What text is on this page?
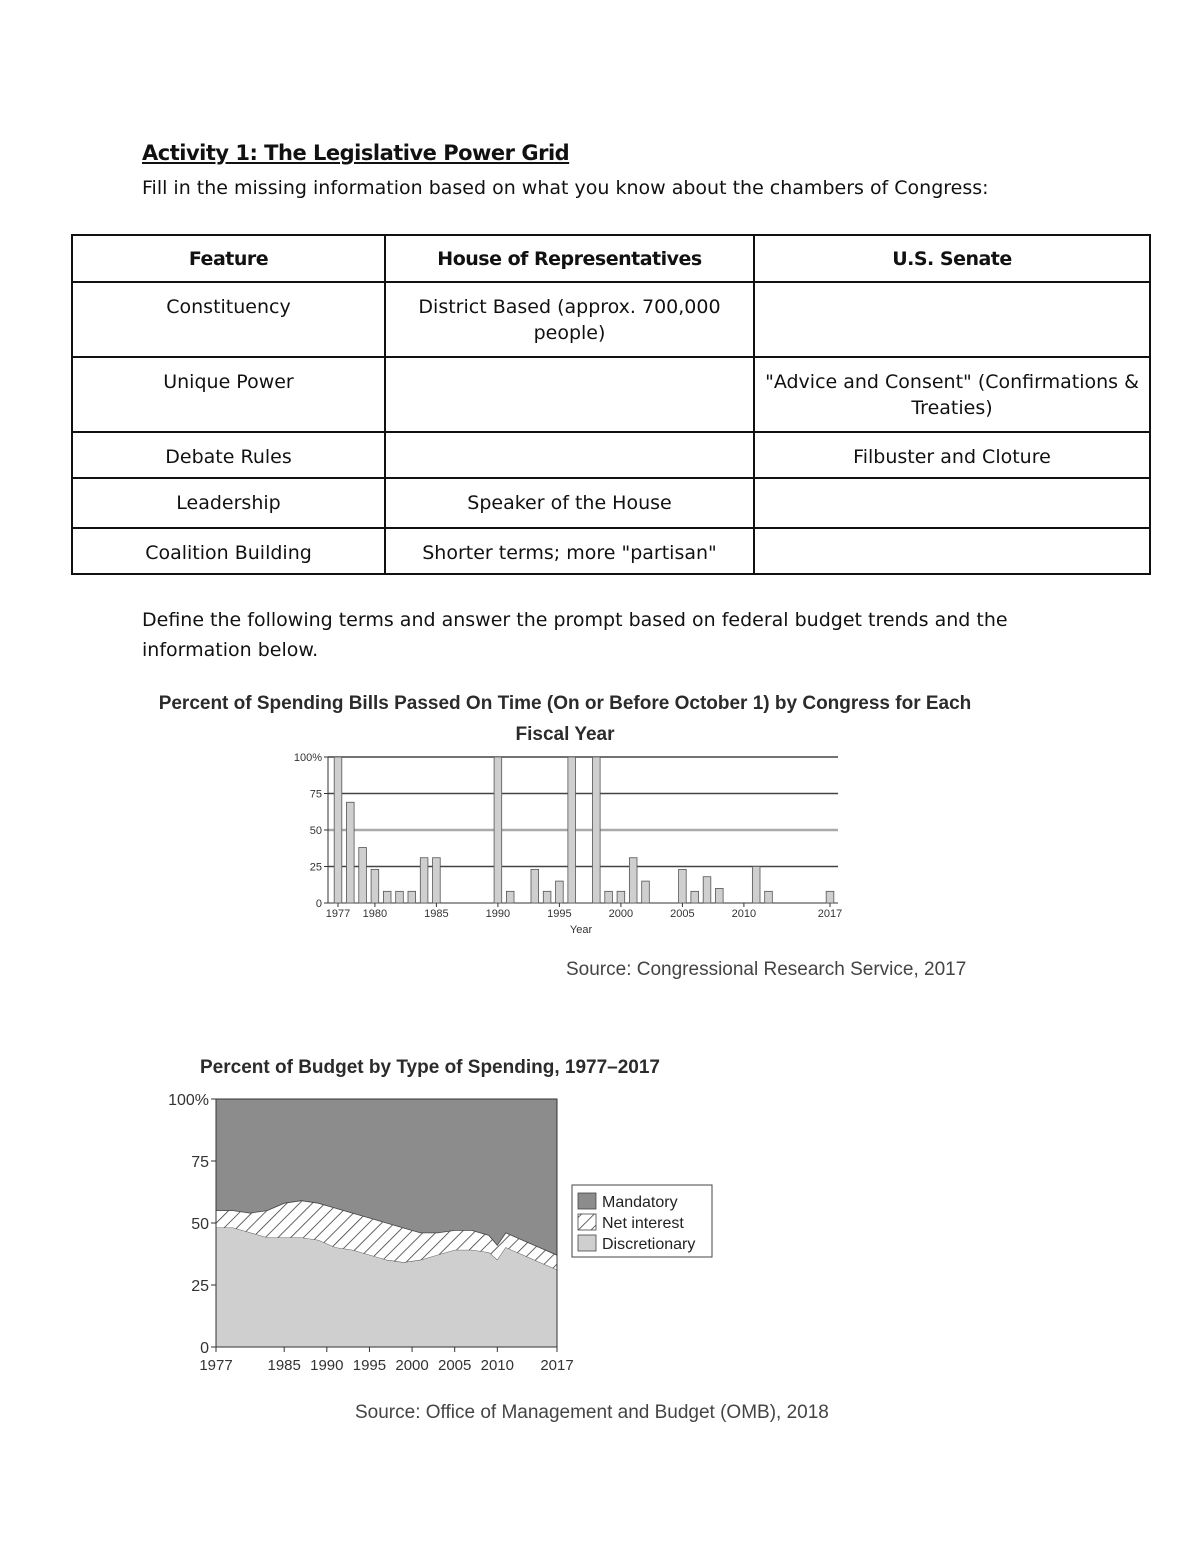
Activity 1: The Legislative Power Grid

Fill in the missing information based on what you know about the chambers of Congress:

Feature	House of Representatives	U.S. Senate
Constituency	District Based (approx. 700,000 people)	
Unique Power		"Advice and Consent" (Confirmations & Treaties)
Debate Rules		Filbuster and Cloture
Leadership	Speaker of the House	
Coalition Building	Shorter terms; more "partisan"	

Define the following terms and answer the prompt based on federal budget trends and the information below.

Percent of Spending Bills Passed On Time (On or Before October 1) by Congress for Each Fiscal Year

0
25
50
75
100%
1977 1980	1985	1990	1995	2000	2005	2010	2017
Year

Source: Congressional Research Service, 2017

Percent of Budget by Type of Spending, 1977–2017

0
25
50
75
100%
1977 1985 1990 1995 2000 2005 2010 2017
Mandatory
Net interest
Discretionary

Source: Office of Management and Budget (OMB), 2018
